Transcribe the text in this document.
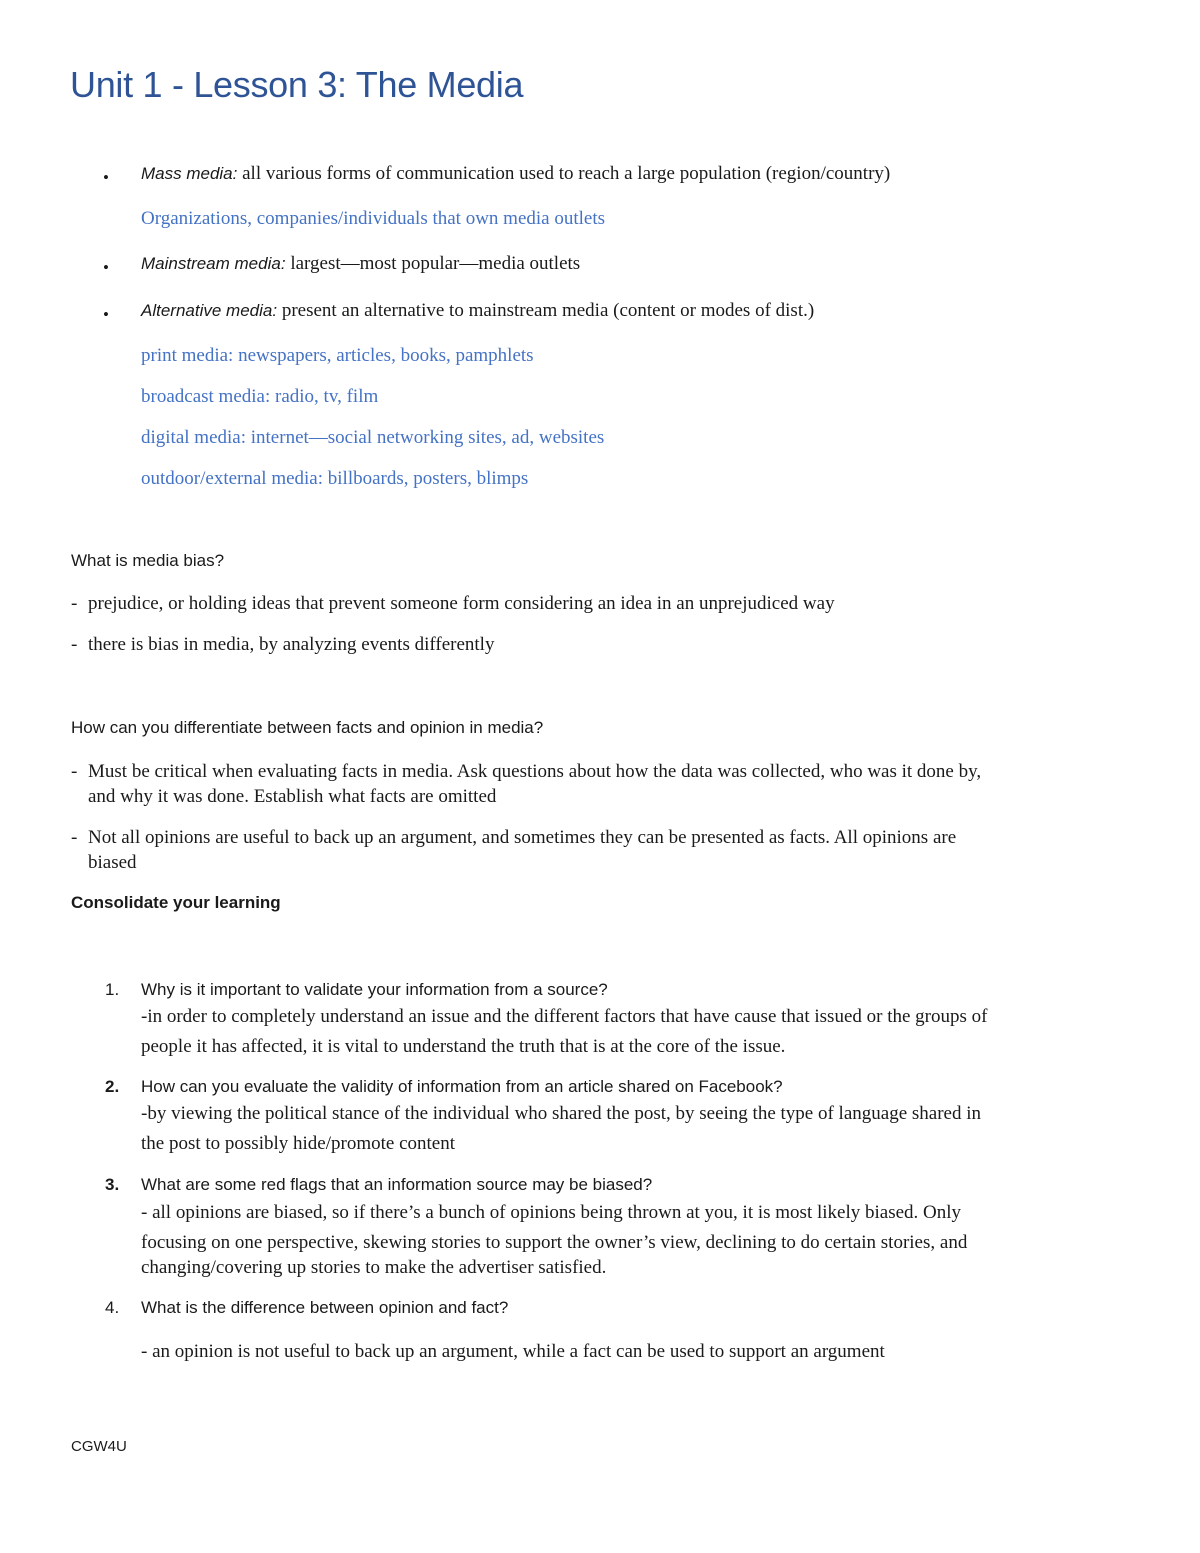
Unit 1 - Lesson 3: The Media
• Mass media: all various forms of communication used to reach a large population (region/country)
Organizations, companies/individuals that own media outlets
• Mainstream media: largest—most popular—media outlets
• Alternative media: present an alternative to mainstream media (content or modes of dist.)
print media: newspapers, articles, books, pamphlets
broadcast media: radio, tv, film
digital media: internet—social networking sites, ad, websites
outdoor/external media: billboards, posters, blimps
What is media bias?
- prejudice, or holding ideas that prevent someone form considering an idea in an unprejudiced way
- there is bias in media, by analyzing events differently
How can you differentiate between facts and opinion in media?
- Must be critical when evaluating facts in media. Ask questions about how the data was collected, who was it done by,
and why it was done. Establish what facts are omitted
- Not all opinions are useful to back up an argument, and sometimes they can be presented as facts. All opinions are
biased
Consolidate your learning
1. Why is it important to validate your information from a source?
-in order to completely understand an issue and the different factors that have cause that issued or the groups of
people it has affected, it is vital to understand the truth that is at the core of the issue.
2. How can you evaluate the validity of information from an article shared on Facebook?
-by viewing the political stance of the individual who shared the post, by seeing the type of language shared in
the post to possibly hide/promote content
3. What are some red flags that an information source may be biased?
- all opinions are biased, so if there’s a bunch of opinions being thrown at you, it is most likely biased. Only
focusing on one perspective, skewing stories to support the owner’s view, declining to do certain stories, and
changing/covering up stories to make the advertiser satisfied.
4. What is the difference between opinion and fact?
- an opinion is not useful to back up an argument, while a fact can be used to support an argument
CGW4U
